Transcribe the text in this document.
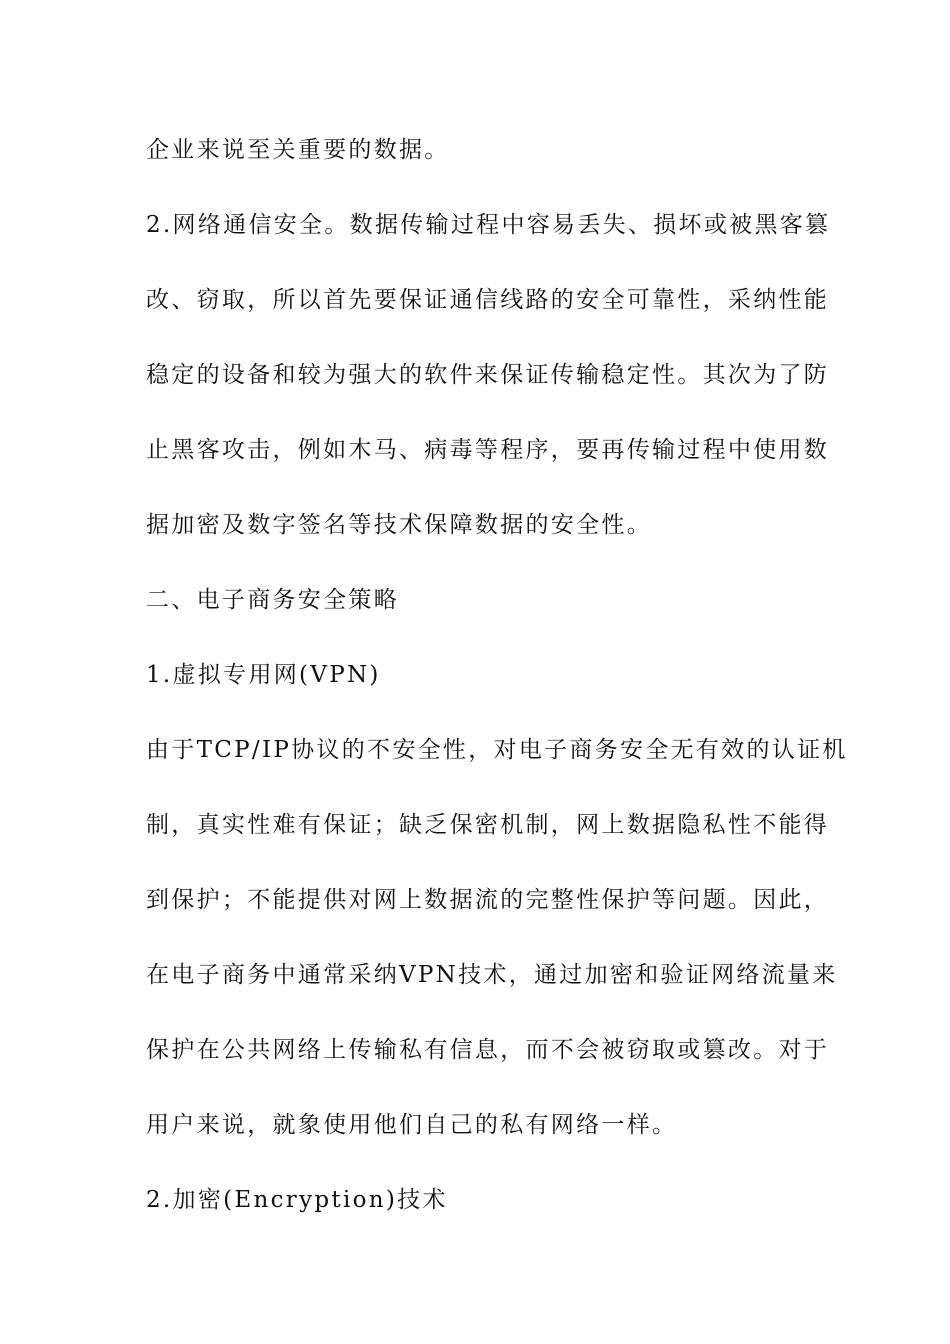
企业来说至关重要的数据。
2.网络通信安全。数据传输过程中容易丢失、损坏或被黑客篡
改、窃取，所以首先要保证通信线路的安全可靠性，采纳性能
稳定的设备和较为强大的软件来保证传输稳定性。其次为了防
止黑客攻击，例如木马、病毒等程序，要再传输过程中使用数
据加密及数字签名等技术保障数据的安全性。
二、电子商务安全策略
1.虚拟专用网(VPN)
由于TCP/IP协议的不安全性，对电子商务安全无有效的认证机
制，真实性难有保证；缺乏保密机制，网上数据隐私性不能得
到保护；不能提供对网上数据流的完整性保护等问题。因此，
在电子商务中通常采纳VPN技术，通过加密和验证网络流量来
保护在公共网络上传输私有信息，而不会被窃取或篡改。对于
用户来说，就象使用他们自己的私有网络一样。
2.加密(Encryption)技术
